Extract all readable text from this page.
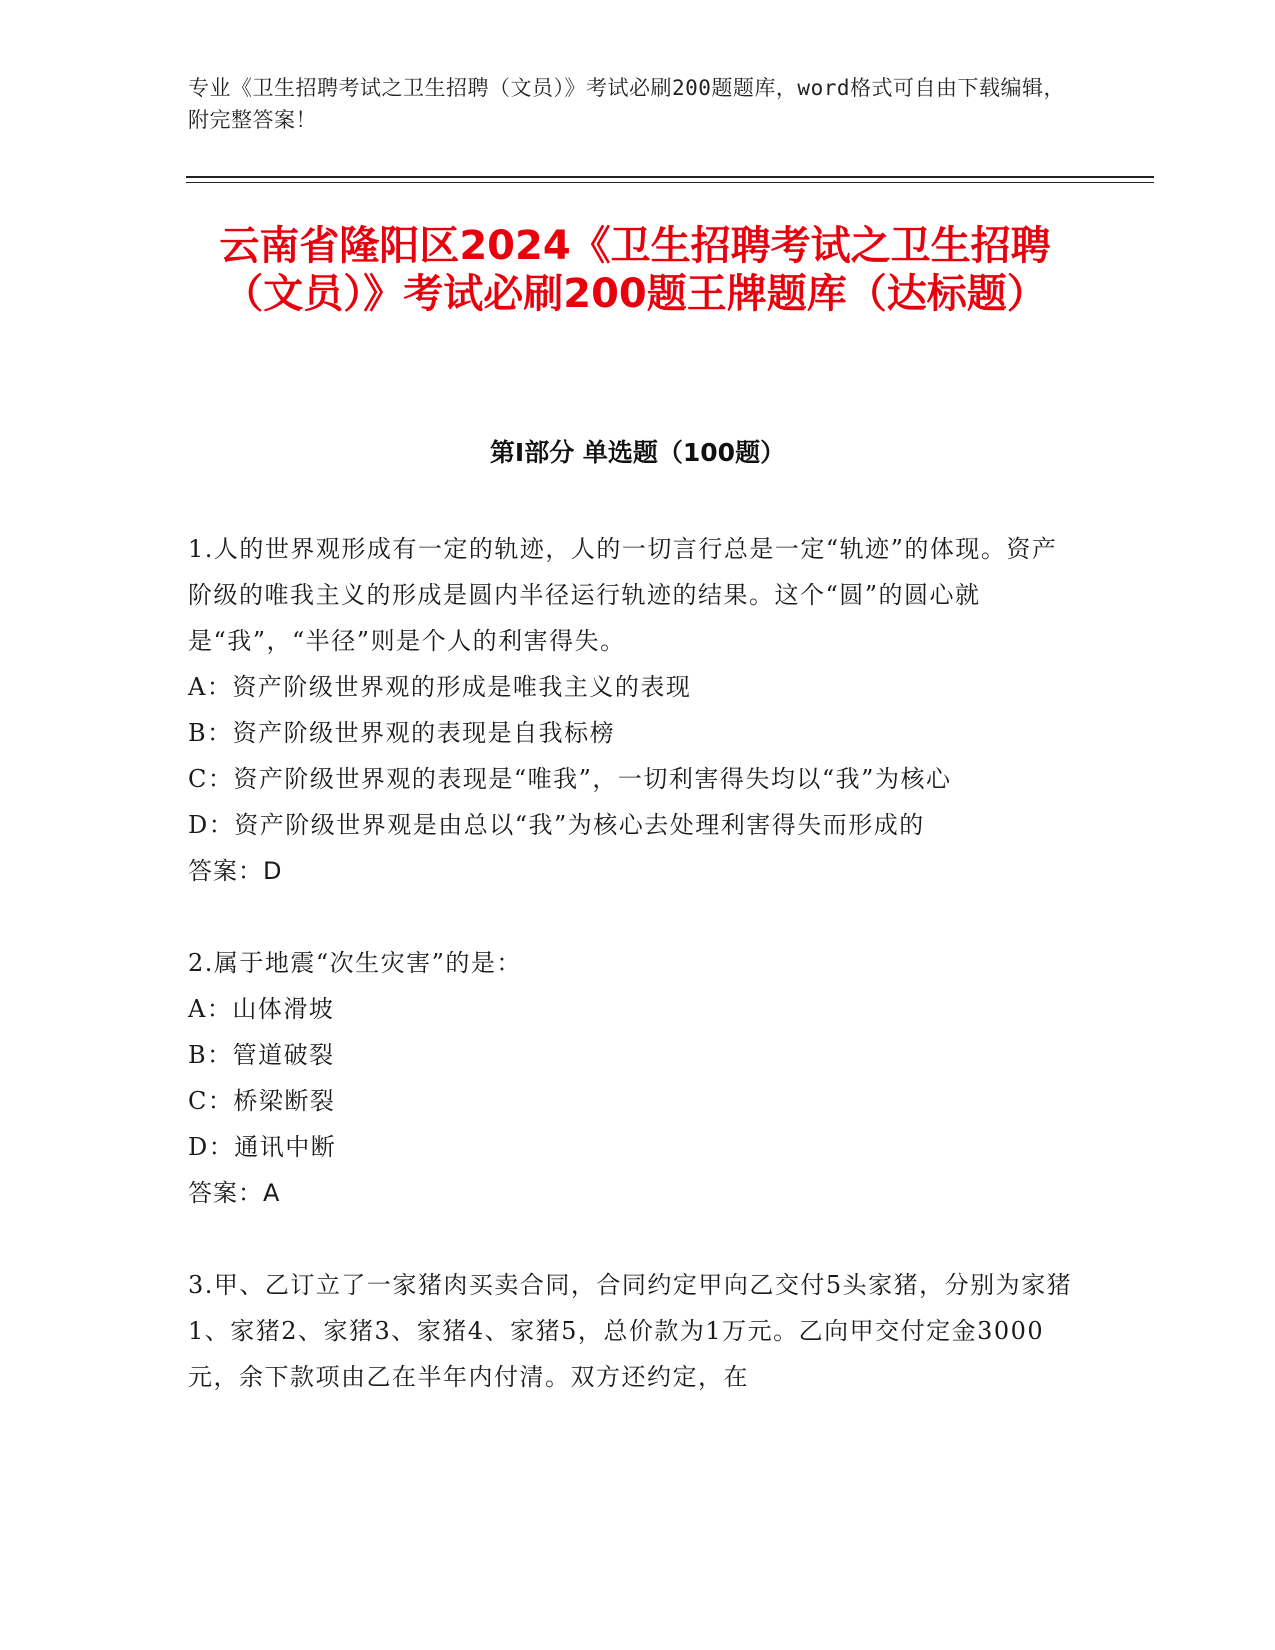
专业《卫生招聘考试之卫生招聘（文员）》考试必刷200题题库，word格式可自由下载编辑，附完整答案！
云南省隆阳区2024《卫生招聘考试之卫生招聘（文员）》考试必刷200题王牌题库（达标题）
第Ⅰ部分 单选题（100题）

1.人的世界观形成有一定的轨迹，人的一切言行总是一定“轨迹”的体现。资产阶级的唯我主义的形成是圆内半径运行轨迹的结果。这个“圆”的圆心就是“我”，“半径”则是个人的利害得失。

A：资产阶级世界观的形成是唯我主义的表现

B：资产阶级世界观的表现是自我标榜

C：资产阶级世界观的表现是“唯我”，一切利害得失均以“我”为核心

D：资产阶级世界观是由总以“我”为核心去处理利害得失而形成的

答案：D

2.属于地震“次生灾害”的是：

A：山体滑坡

B：管道破裂

C：桥梁断裂

D：通讯中断

答案：A

3.甲、乙订立了一家猪肉买卖合同，合同约定甲向乙交付5头家猪，分别为家猪1、家猪2、家猪3、家猪4、家猪5，总价款为1万元。乙向甲交付定金3000元，余下款项由乙在半年内付清。双方还约定，在
